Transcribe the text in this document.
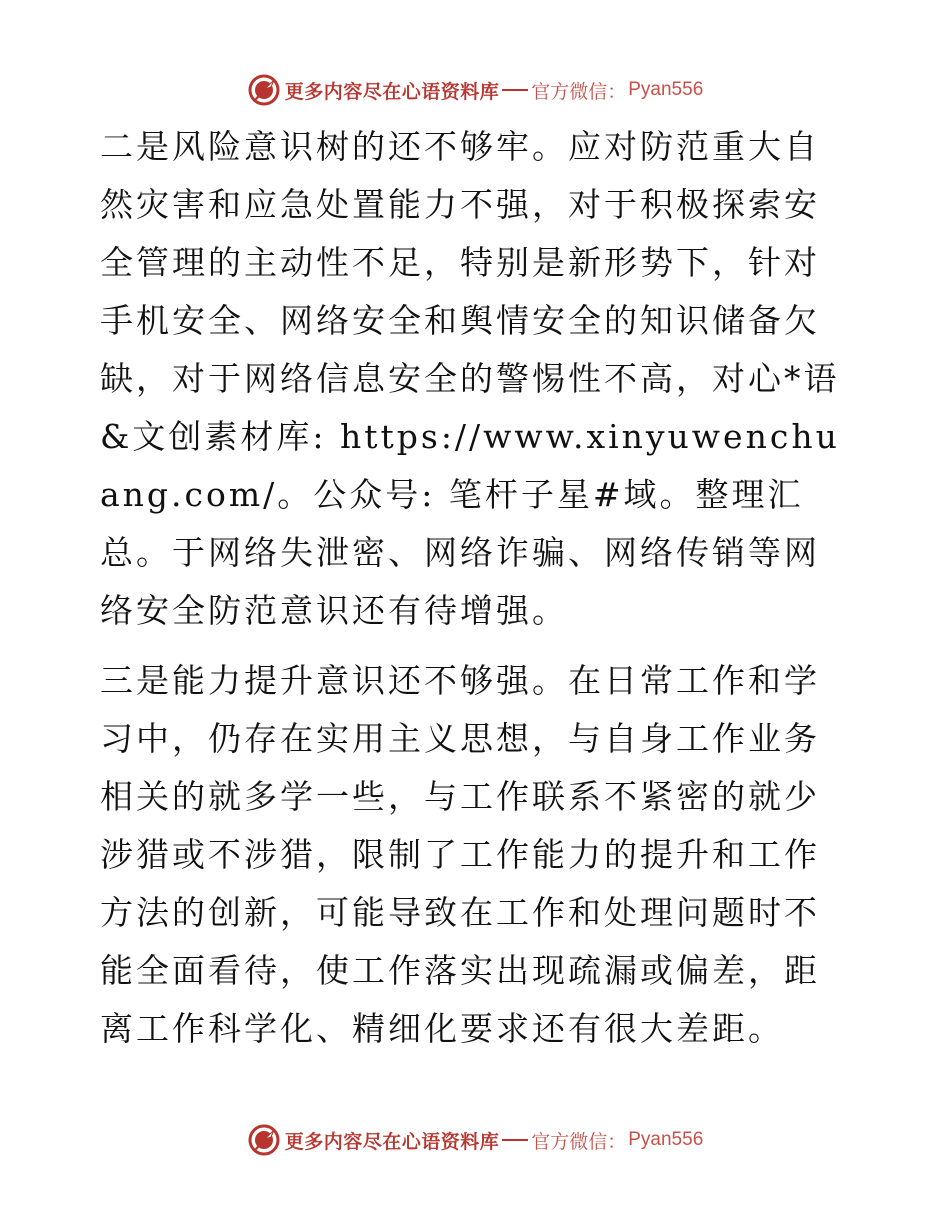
更多内容尽在心语资料库 官方微信： Pyan556

二是风险意识树的还不够牢。应对防范重大自然灾害和应急处置能力不强，对于积极探索安全管理的主动性不足，特别是新形势下，针对手机安全、网络安全和舆情安全的知识储备欠缺，对于网络信息安全的警惕性不高，对心*语&文创素材库: https://www.xinyuwenchuang.com/。公众号: 笔杆子星#域。整理汇总。于网络失泄密、网络诈骗、网络传销等网络安全防范意识还有待增强。

三是能力提升意识还不够强。在日常工作和学习中，仍存在实用主义思想，与自身工作业务相关的就多学一些，与工作联系不紧密的就少涉猎或不涉猎，限制了工作能力的提升和工作方法的创新，可能导致在工作和处理问题时不能全面看待，使工作落实出现疏漏或偏差，距离工作科学化、精细化要求还有很大差距。

更多内容尽在心语资料库 官方微信： Pyan556
